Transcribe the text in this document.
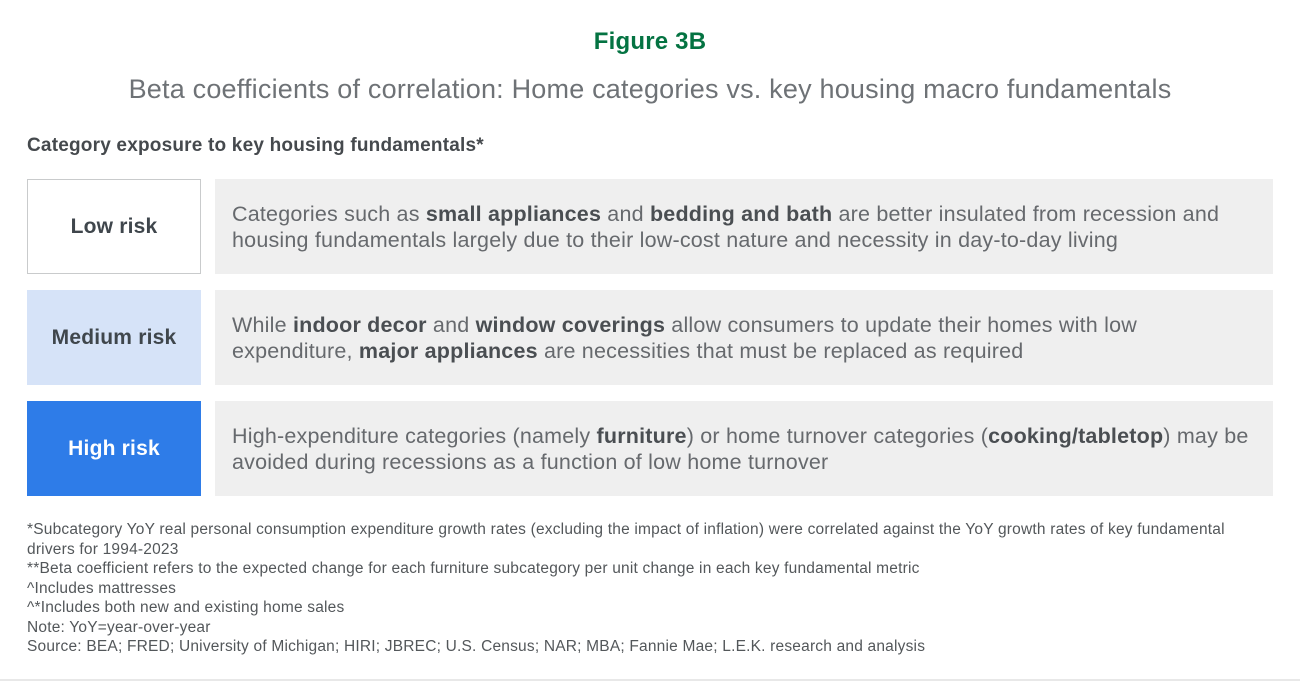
Figure 3B
Beta coefficients of correlation: Home categories vs. key housing macro fundamentals
Category exposure to key housing fundamentals*
Low risk
Categories such as small appliances and bedding and bath are better insulated from recession and housing fundamentals largely due to their low-cost nature and necessity in day-to-day living
Medium risk
While indoor decor and window coverings allow consumers to update their homes with low expenditure, major appliances are necessities that must be replaced as required
High risk
High-expenditure categories (namely furniture) or home turnover categories (cooking/tabletop) may be avoided during recessions as a function of low home turnover
*Subcategory YoY real personal consumption expenditure growth rates (excluding the impact of inflation) were correlated against the YoY growth rates of key fundamental drivers for 1994-2023
**Beta coefficient refers to the expected change for each furniture subcategory per unit change in each key fundamental metric
^Includes mattresses
^*Includes both new and existing home sales
Note: YoY=year-over-year
Source: BEA; FRED; University of Michigan; HIRI; JBREC; U.S. Census; NAR; MBA; Fannie Mae; L.E.K. research and analysis
